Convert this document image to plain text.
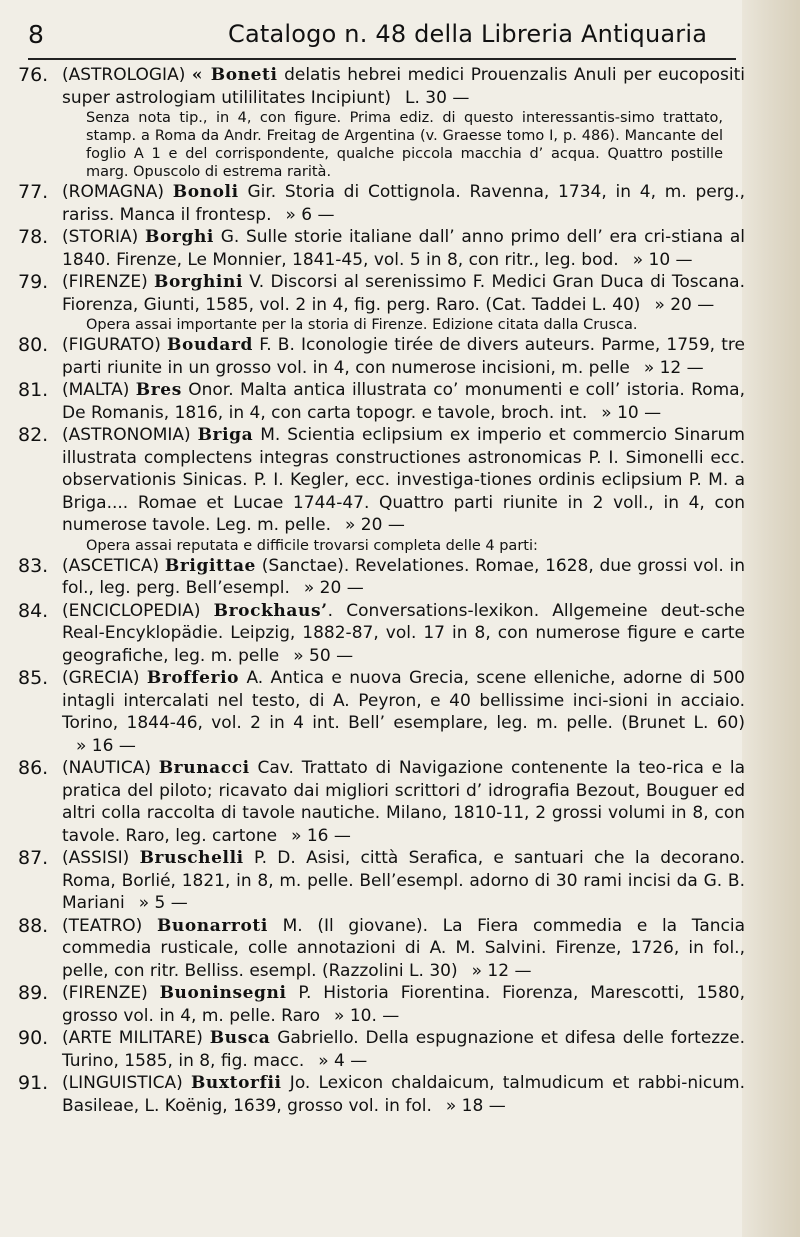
8	Catalogo n. 48 della Libreria Antiquaria
76. (ASTROLOGIA) « Boneti delatis hebrei medici Prouenzalis Anuli per eucopositi super astrologiam utililitates Incipiunt) L. 30 —
Senza nota tip., in 4, con figure. Prima ediz. di questo interessantis-simo trattato, stamp. a Roma da Andr. Freitag de Argentina (v. Graesse tomo I, p. 486). Mancante del foglio A 1 e del corrispondente, qualche piccola macchia d’ acqua. Quattro postille marg. Opuscolo di estrema rarità.
77. (ROMAGNA) Bonoli Gir. Storia di Cottignola. Ravenna, 1734, in 4, m. perg., rariss. Manca il frontesp. » 6 —
78. (STORIA) Borghi G. Sulle storie italiane dall’ anno primo dell’ era cri-stiana al 1840. Firenze, Le Monnier, 1841-45, vol. 5 in 8, con ritr., leg. bod. » 10 —
79. (FIRENZE) Borghini V. Discorsi al serenissimo F. Medici Gran Duca di Toscana. Fiorenza, Giunti, 1585, vol. 2 in 4, fig. perg. Raro. (Cat. Taddei L. 40) » 20 —
Opera assai importante per la storia di Firenze. Edizione citata dalla Crusca.
80. (FIGURATO) Boudard F. B. Iconologie tirée de divers auteurs. Parme, 1759, tre parti riunite in un grosso vol. in 4, con numerose incisioni, m. pelle » 12 —
81. (MALTA) Bres Onor. Malta antica illustrata co’ monumenti e coll’ istoria. Roma, De Romanis, 1816, in 4, con carta topogr. e tavole, broch. int. » 10 —
82. (ASTRONOMIA) Briga M. Scientia eclipsium ex imperio et commercio Sinarum illustrata complectens integras constructiones astronomicas P. I. Simonelli ecc. observationis Sinicas. P. I. Kegler, ecc. investiga-tiones ordinis eclipsium P. M. a Briga.... Romae et Lucae 1744-47. Quattro parti riunite in 2 voll., in 4, con numerose tavole. Leg. m. pelle. » 20 —
Opera assai reputata e difficile trovarsi completa delle 4 parti:
83. (ASCETICA) Brigittae (Sanctae). Revelationes. Romae, 1628, due grossi vol. in fol., leg. perg. Bell’esempl. » 20 —
84. (ENCICLOPEDIA) Brockhaus’. Conversations-lexikon. Allgemeine deut-sche Real-Encyklopädie. Leipzig, 1882-87, vol. 17 in 8, con numerose figure e carte geografiche, leg. m. pelle » 50 —
85. (GRECIA) Brofferio A. Antica e nuova Grecia, scene elleniche, adorne di 500 intagli intercalati nel testo, di A. Peyron, e 40 bellissime inci-sioni in acciaio. Torino, 1844-46, vol. 2 in 4 int. Bell’ esemplare, leg. m. pelle. (Brunet L. 60)» 16 —
86. (NAUTICA) Brunacci Cav. Trattato di Navigazione contenente la teo-rica e la pratica del piloto; ricavato dai migliori scrittori d’ idrografia Bezout, Bouguer ed altri colla raccolta di tavole nautiche. Milano, 1810-11, 2 grossi volumi in 8, con tavole. Raro, leg. cartone » 16 —
87. (ASSISI) Bruschelli P. D. Asisi, città Serafica, e santuari che la decorano. Roma, Borlié, 1821, in 8, m. pelle. Bell’esempl. adorno di 30 rami incisi da G. B. Mariani » 5 —
88. (TEATRO) Buonarroti M. (Il giovane). La Fiera commedia e la Tancia commedia rusticale, colle annotazioni di A. M. Salvini. Firenze, 1726, in fol., pelle, con ritr. Belliss. esempl. (Razzolini L. 30) » 12 —
89. (FIRENZE) Buoninsegni P. Historia Fiorentina. Fiorenza, Marescotti, 1580, grosso vol. in 4, m. pelle. Raro » 10. —
90. (ARTE MILITARE) Busca Gabriello. Della espugnazione et difesa delle fortezze. Turino, 1585, in 8, fig. macc. » 4 —
91. (LINGUISTICA) Buxtorfii Jo. Lexicon chaldaicum, talmudicum et rabbi-nicum. Basileae, L. Koënig, 1639, grosso vol. in fol. » 18 —
